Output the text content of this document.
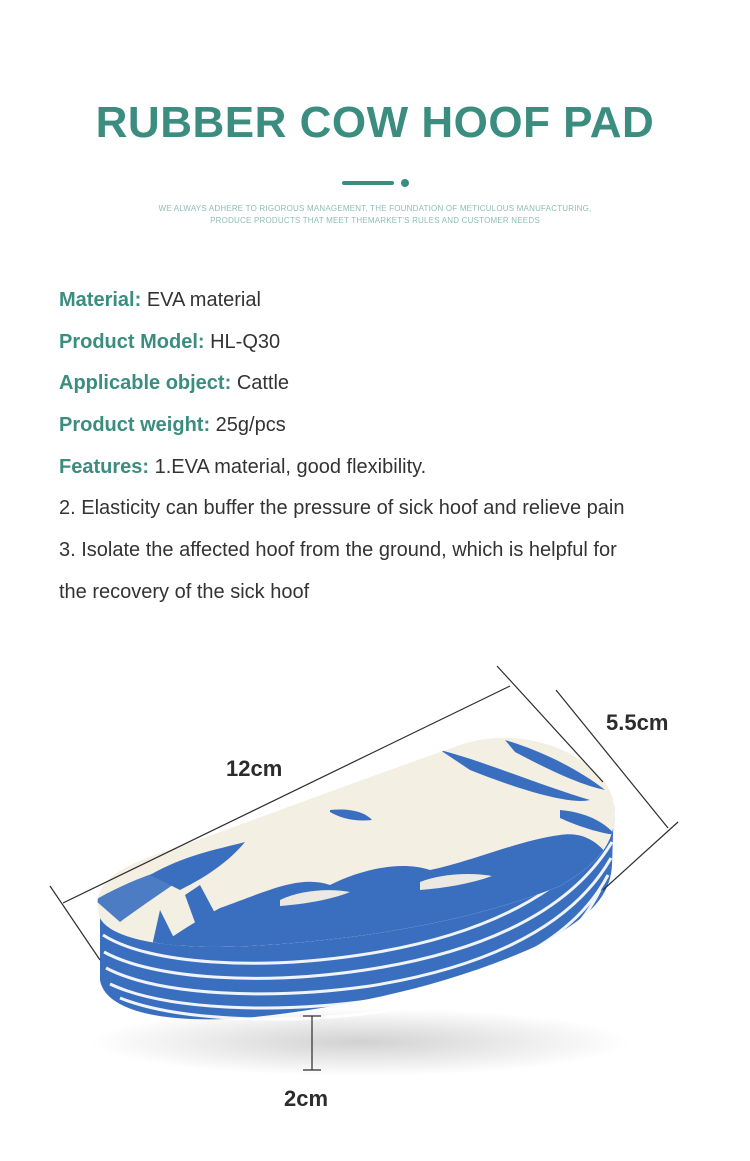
RUBBER COW HOOF PAD
WE ALWAYS ADHERE TO RIGOROUS MANAGEMENT, THE FOUNDATION OF METICULOUS MANUFACTURING,
PRODUCE PRODUCTS THAT MEET THEMARKET'S RULES AND CUSTOMER NEEDS
Material: EVA material
Product Model: HL-Q30
Applicable object: Cattle
Product weight: 25g/pcs
Features: 1.EVA material, good flexibility.
2. Elasticity can buffer the pressure of sick hoof and relieve pain
3. Isolate the affected hoof from the ground, which is helpful for
the recovery of the sick hoof
12cm
5.5cm
2cm
